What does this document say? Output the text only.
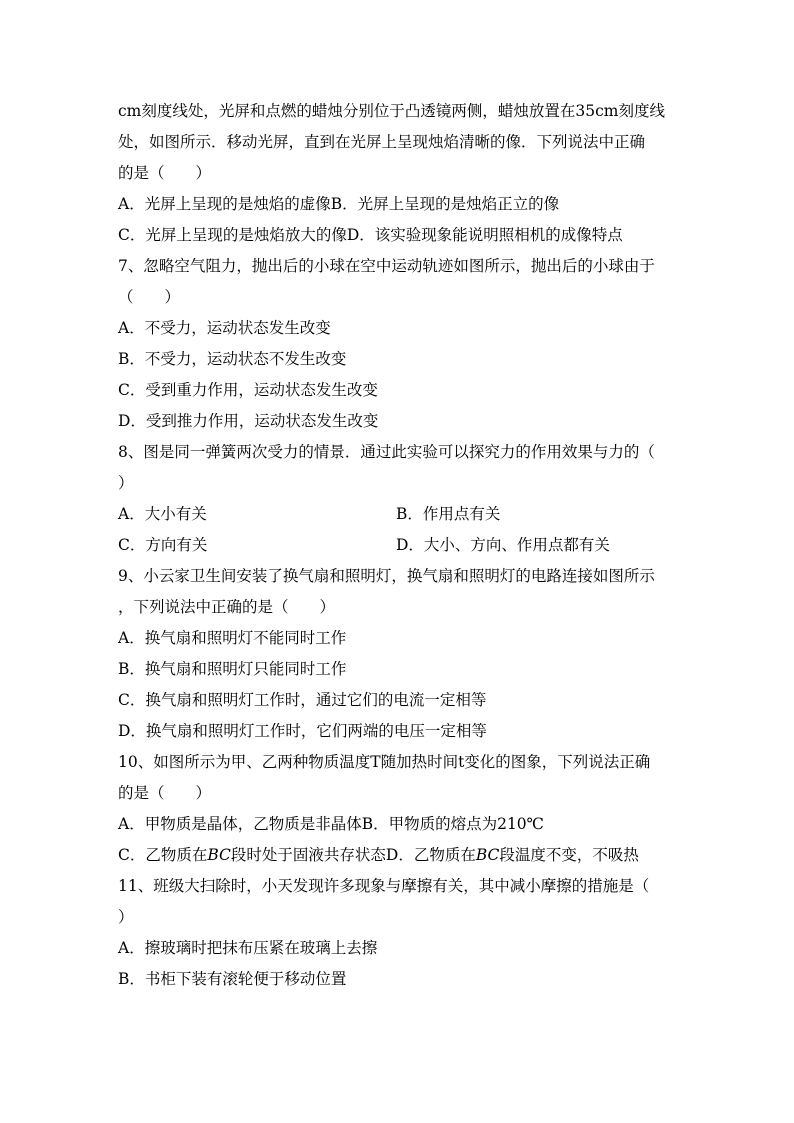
cm刻度线处，光屏和点燃的蜡烛分别位于凸透镜两侧，蜡烛放置在35cm刻度线
处，如图所示．移动光屏，直到在光屏上呈现烛焰清晰的像．下列说法中正确
的是（　　）
A．光屏上呈现的是烛焰的虚像B．光屏上呈现的是烛焰正立的像
C．光屏上呈现的是烛焰放大的像D．该实验现象能说明照相机的成像特点
7、忽略空气阻力，抛出后的小球在空中运动轨迹如图所示，抛出后的小球由于
（　　）
A．不受力，运动状态发生改变
B．不受力，运动状态不发生改变
C．受到重力作用，运动状态发生改变
D．受到推力作用，运动状态发生改变
8、图是同一弹簧两次受力的情景．通过此实验可以探究力的作用效果与力的（
）
A．大小有关	B．作用点有关
C．方向有关	D．大小、方向、作用点都有关
9、小云家卫生间安装了换气扇和照明灯，换气扇和照明灯的电路连接如图所示
，下列说法中正确的是（　　）
A．换气扇和照明灯不能同时工作
B．换气扇和照明灯只能同时工作
C．换气扇和照明灯工作时，通过它们的电流一定相等
D．换气扇和照明灯工作时，它们两端的电压一定相等
10、如图所示为甲、乙两种物质温度T随加热时间t变化的图象，下列说法正确
的是（　　）
A．甲物质是晶体，乙物质是非晶体B．甲物质的熔点为210℃
C．乙物质在BC段时处于固液共存状态D．乙物质在BC段温度不变，不吸热
11、班级大扫除时，小天发现许多现象与摩擦有关，其中减小摩擦的措施是（
）
A．擦玻璃时把抹布压紧在玻璃上去擦
B．书柜下装有滚轮便于移动位置
